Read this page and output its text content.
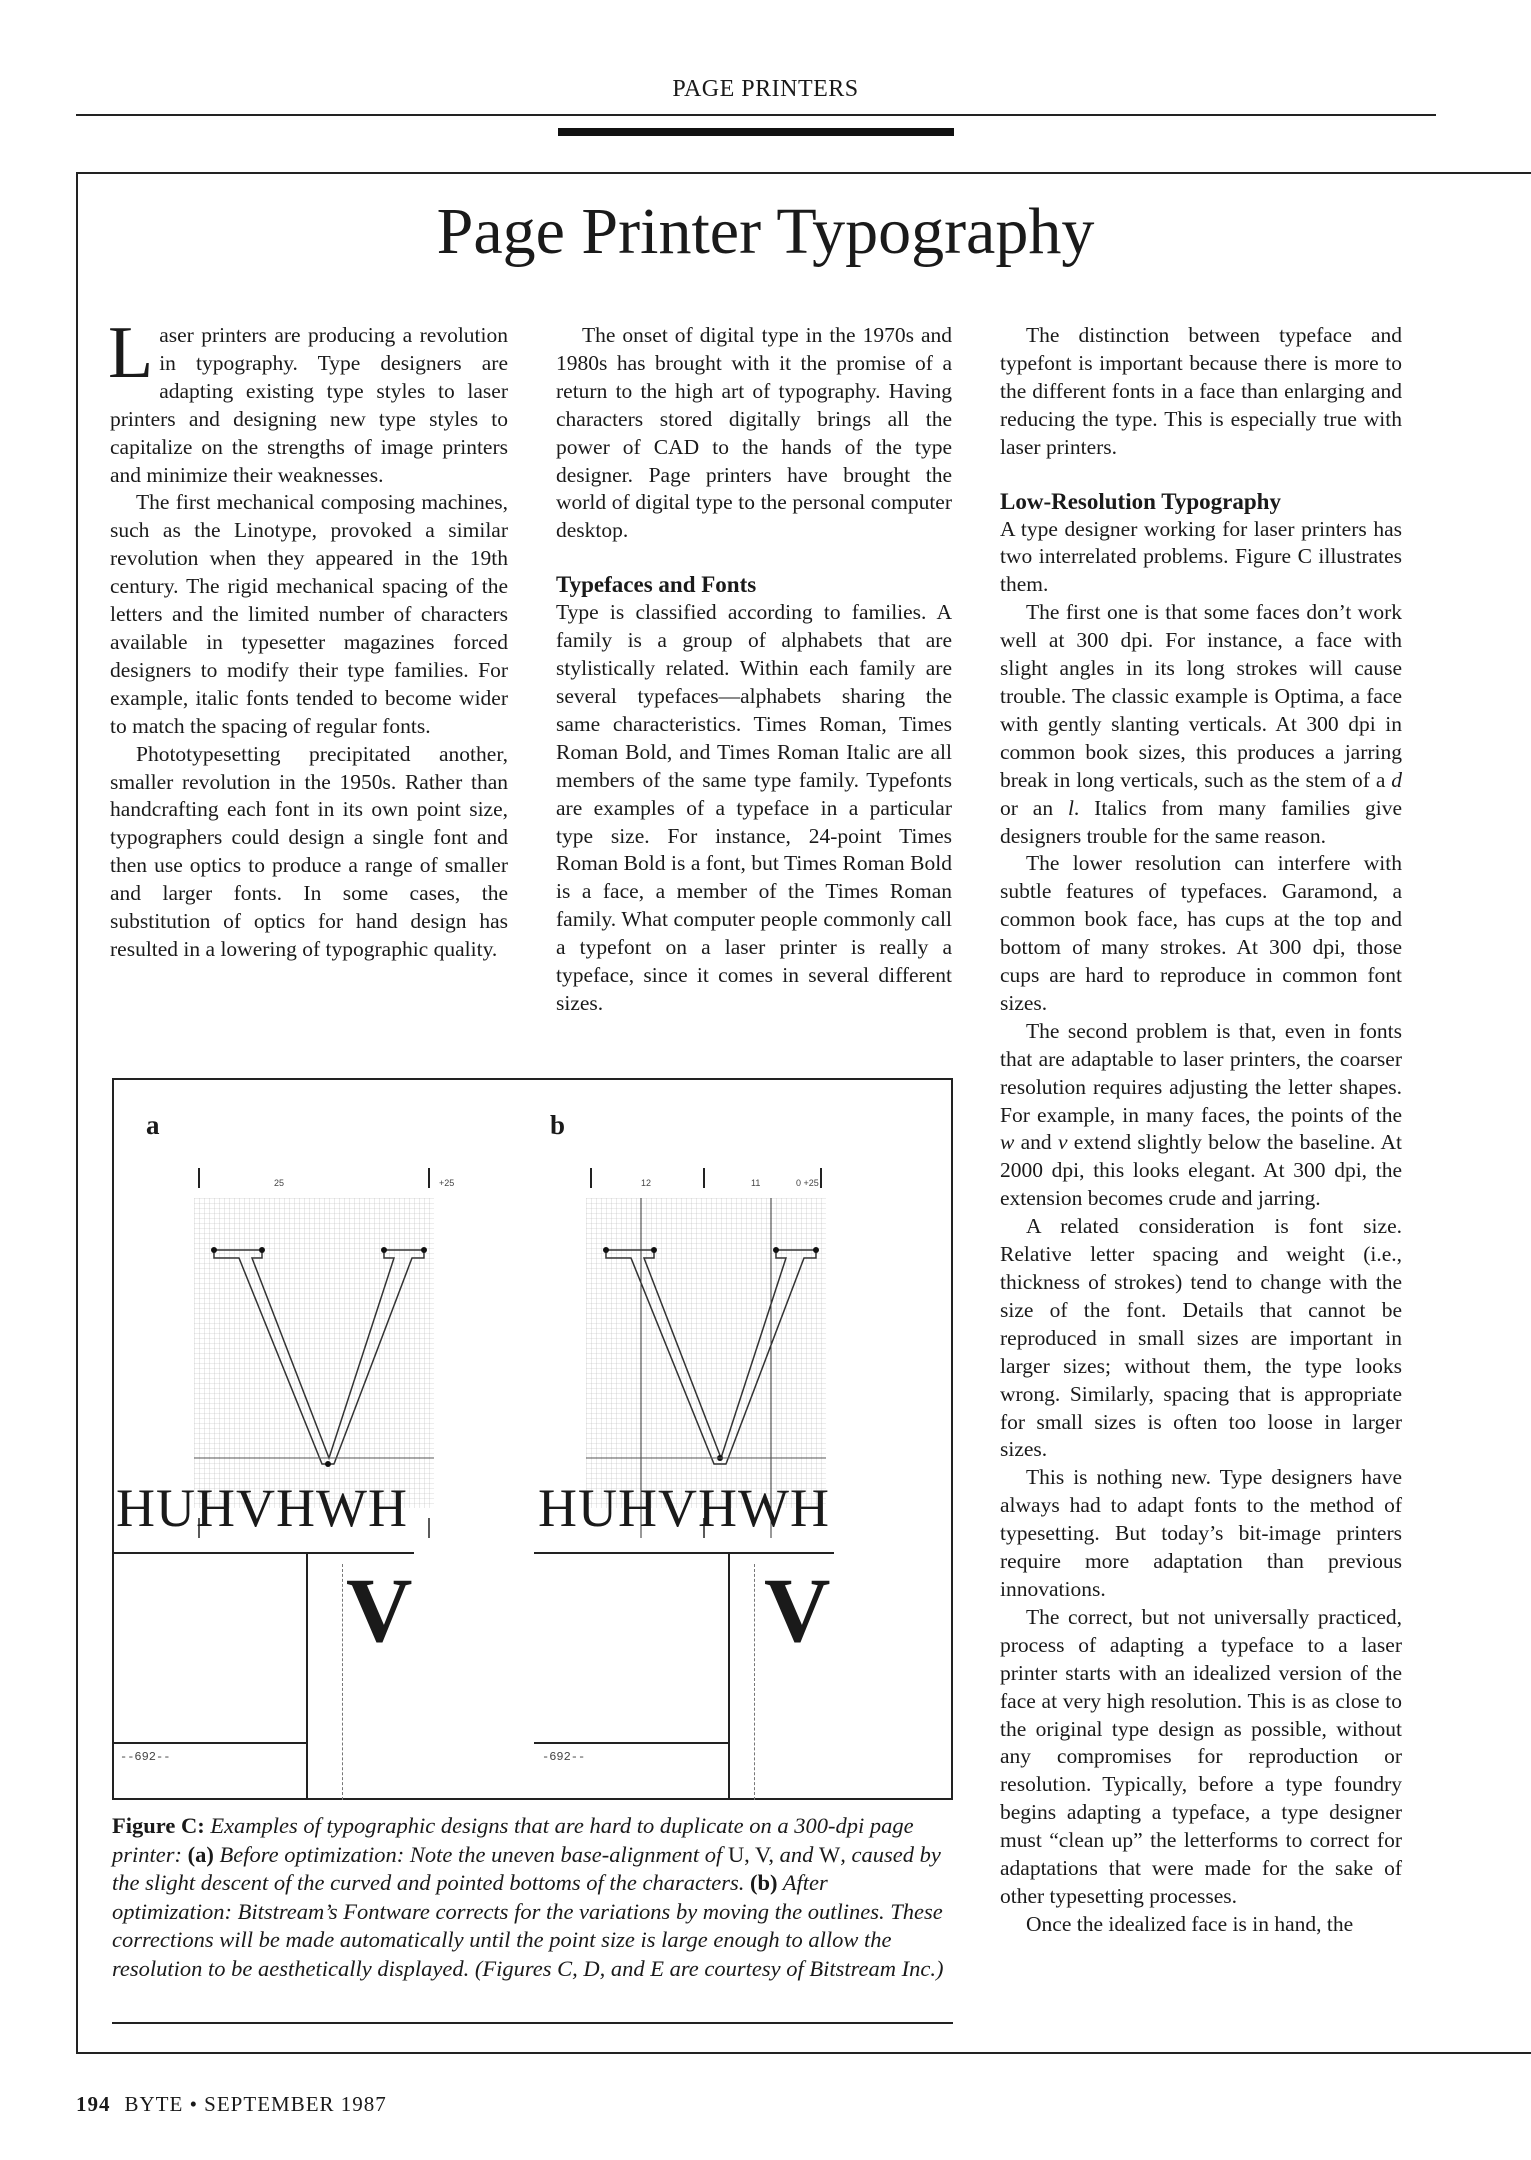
PAGE PRINTERS
Page Printer Typography

Laser printers are producing a revolution in typography. Type designers are adapting existing type styles to laser printers and designing new type styles to capitalize on the strengths of image printers and minimize their weaknesses.

The first mechanical composing machines, such as the Linotype, provoked a similar revolution when they appeared in the 19th century. The rigid mechanical spacing of the letters and the limited number of characters available in typesetter magazines forced designers to modify their type families. For example, italic fonts tended to become wider to match the spacing of regular fonts.

Phototypesetting precipitated another, smaller revolution in the 1950s. Rather than handcrafting each font in its own point size, typographers could design a single font and then use optics to produce a range of smaller and larger fonts. In some cases, the substitution of optics for hand design has resulted in a lowering of typographic quality.

The onset of digital type in the 1970s and 1980s has brought with it the promise of a return to the high art of typography. Having characters stored digitally brings all the power of CAD to the hands of the type designer. Page printers have brought the world of digital type to the personal computer desktop.

Typefaces and Fonts

Type is classified according to families. A family is a group of alphabets that are stylistically related. Within each family are several typefaces—alphabets sharing the same characteristics. Times Roman, Times Roman Bold, and Times Roman Italic are all members of the same type family. Typefonts are examples of a typeface in a particular type size. For instance, 24-point Times Roman Bold is a font, but Times Roman Bold is a face, a member of the Times Roman family. What computer people commonly call a typefont on a laser printer is really a typeface, since it comes in several different sizes.

The distinction between typeface and typefont is important because there is more to the different fonts in a face than enlarging and reducing the type. This is especially true with laser printers.

Low-Resolution Typography

A type designer working for laser printers has two interrelated problems. Figure C illustrates them.

The first one is that some faces don’t work well at 300 dpi. For instance, a face with slight angles in its long strokes will cause trouble. The classic example is Optima, a face with gently slanting verticals. At 300 dpi in common book sizes, this produces a jarring break in long verticals, such as the stem of a d or an l. Italics from many families give designers trouble for the same reason.

The lower resolution can interfere with subtle features of typefaces. Garamond, a common book face, has cups at the top and bottom of many strokes. At 300 dpi, those cups are hard to reproduce in common font sizes.

The second problem is that, even in fonts that are adaptable to laser printers, the coarser resolution requires adjusting the letter shapes. For example, in many faces, the points of the w and v extend slightly below the baseline. At 2000 dpi, this looks elegant. At 300 dpi, the extension becomes crude and jarring.

A related consideration is font size. Relative letter spacing and weight (i.e., thickness of strokes) tend to change with the size of the font. Details that cannot be reproduced in small sizes are important in larger sizes; without them, the type looks wrong. Similarly, spacing that is appropriate for small sizes is often too loose in larger sizes.

This is nothing new. Type designers have always had to adapt fonts to the method of typesetting. But today’s bit-image printers require more adaptation than previous innovations.

The correct, but not universally practiced, process of adapting a typeface to a laser printer starts with an idealized version of the face at very high resolution. This is as close to the original type design as possible, without any compromises for reproduction or resolution. Typically, before a type foundry begins adapting a typeface, a type designer must “clean up” the letterforms to correct for adaptations that were made for the sake of other typesetting processes.

Once the idealized face is in hand, the

a	b
25	+25	12	11	0 +25
HUHVHWH HUHVHWH
V
--692--
V
-692--
Figure C: Examples of typographic designs that are hard to duplicate on a 300-dpi page printer: (a) Before optimization: Note the uneven base-alignment of U, V, and W, caused by the slight descent of the curved and pointed bottoms of the characters. (b) After optimization: Bitstream’s Fontware corrects for the variations by moving the outlines. These corrections will be made automatically until the point size is large enough to allow the resolution to be aesthetically displayed. (Figures C, D, and E are courtesy of Bitstream Inc.)
194 BYTE • SEPTEMBER 1987
